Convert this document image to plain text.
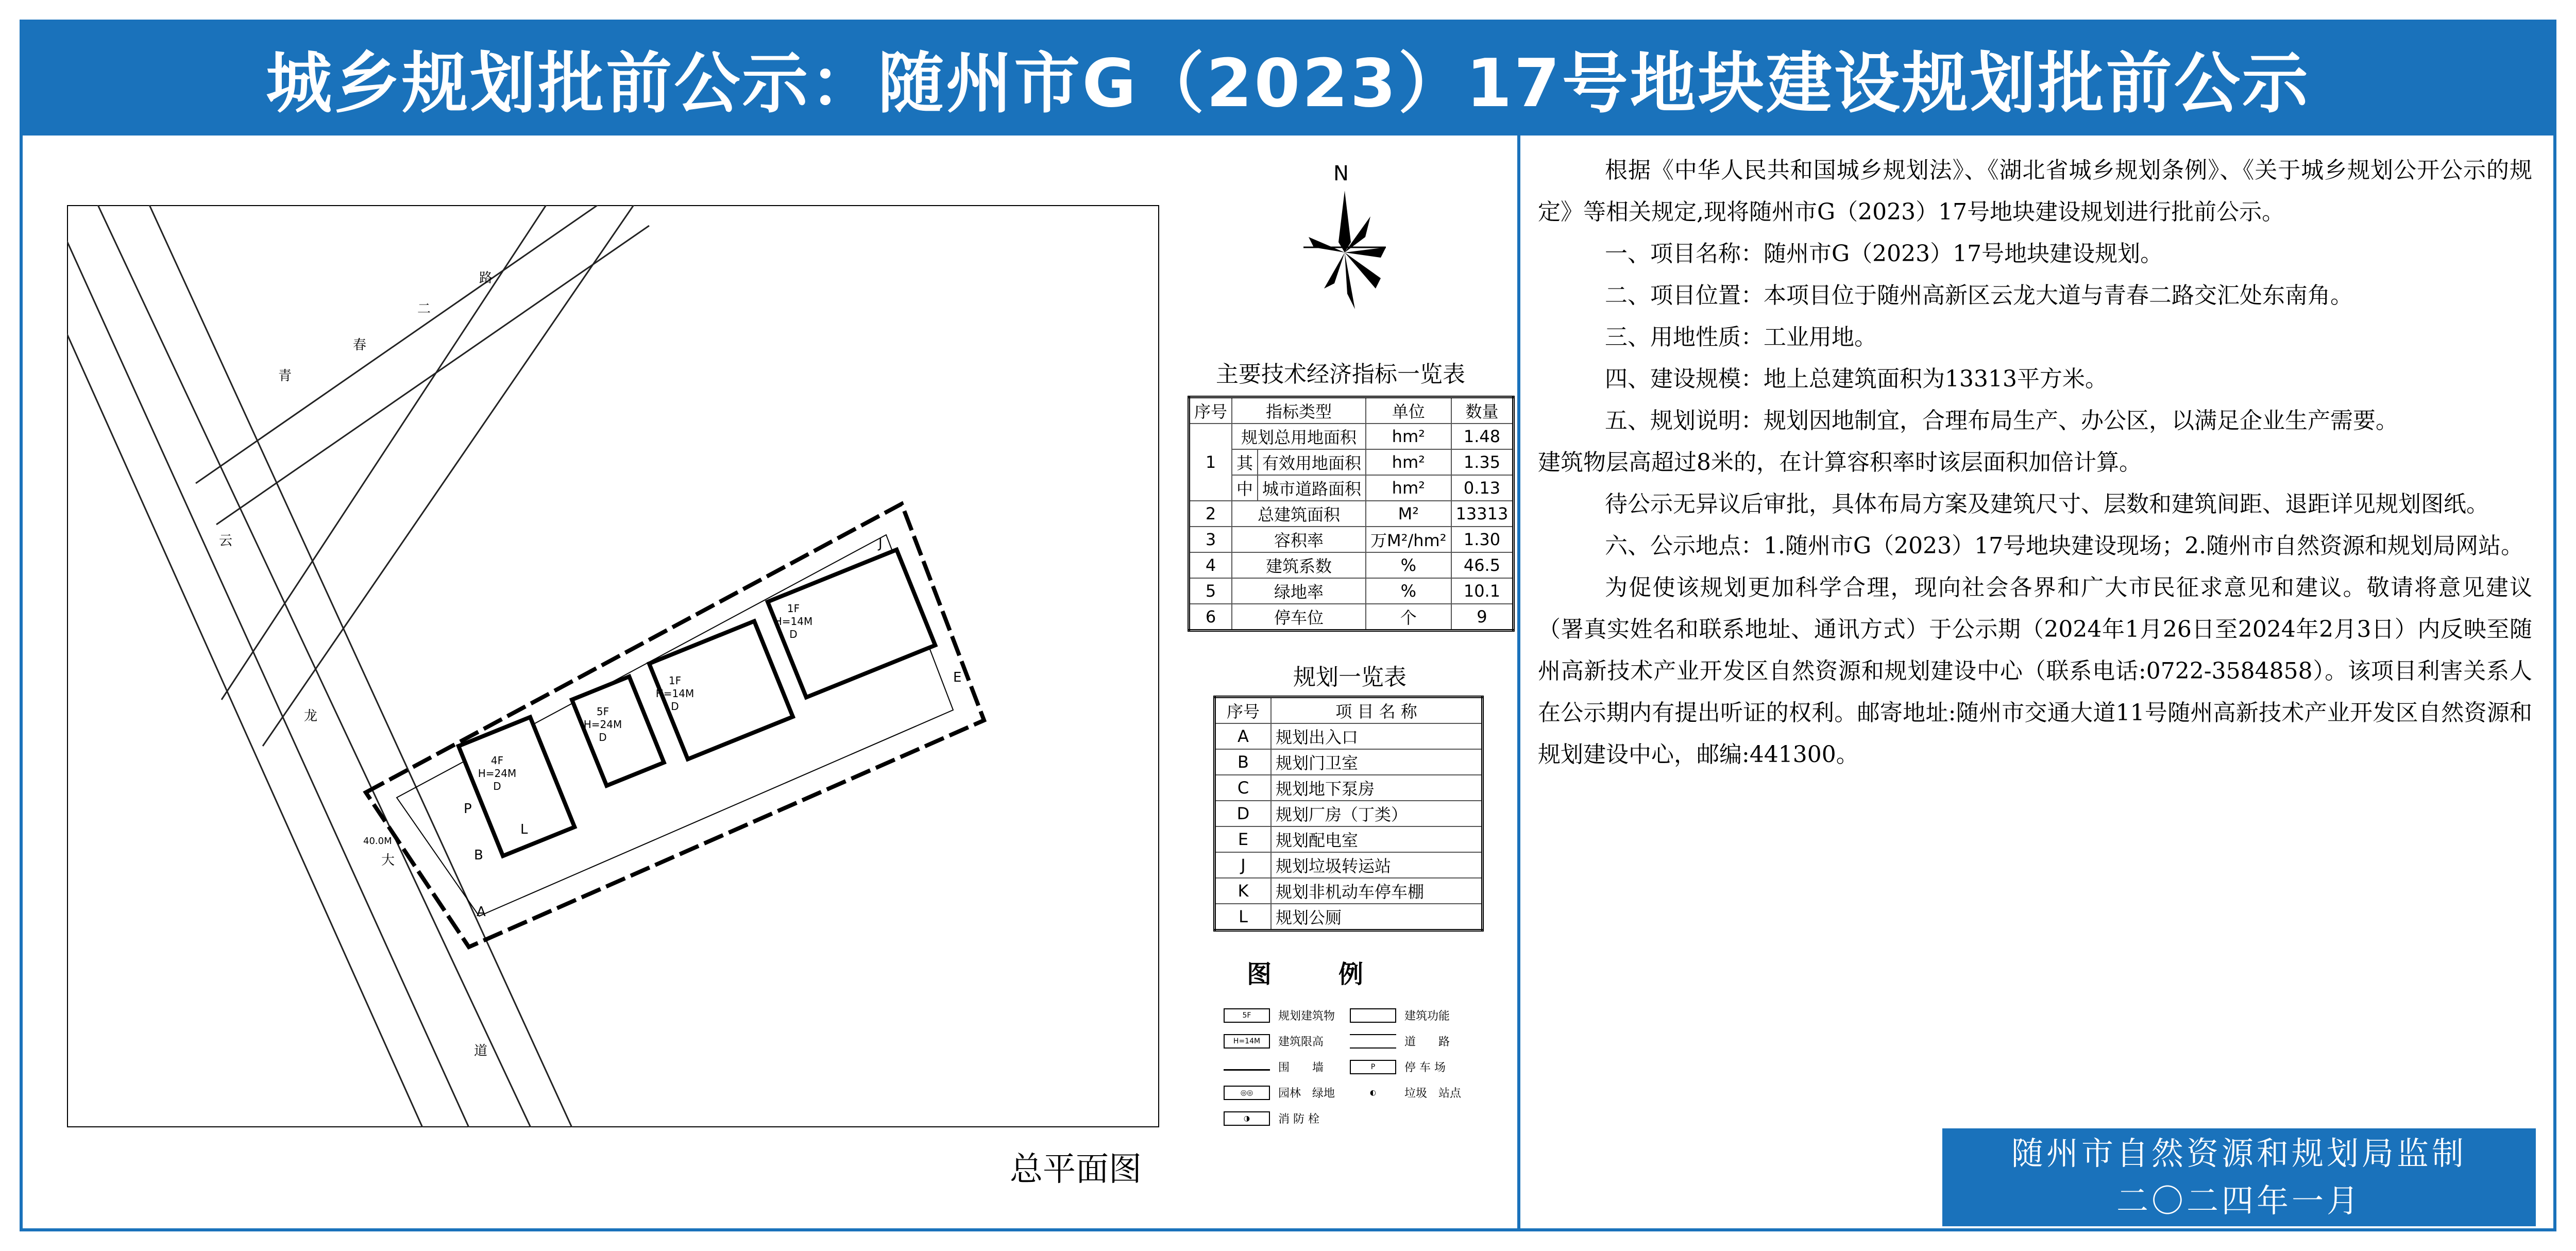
城乡规划批前公示：随州市G（2023）17号地块建设规划批前公示
4F
H=24M
D
5F
H=24M
D
1F
H=14M
D
1F
H=14M
D
A
B
E
J
L
P
40.0M
青
春
二
路
云
龙
大
道
N
总平面图
主要技术经济指标一览表
序号	指标类型		单位	数量
1	规划总用地面积		hm²	1.48
	其	有效用地面积	hm²	1.35
	中	城市道路面积	hm²	0.13
2	总建筑面积		M²	13313
3	容积率		万M²/hm²	1.30
4	建筑系数		%	46.5
5	绿地率		%	10.1
6	停车位		个	9
规划一览表
序号	项 目 名 称
A	规划出入口
B	规划门卫室
C	规划地下泵房
D	规划厂房（丁类）
E	规划配电室
J	规划垃圾转运站
K	规划非机动车停车棚
L	规划公厕
图例
5F	规划建筑物	建筑功能
H=14M	建筑限高	道　　路
围　　墙	P	停 车 场
◎◎	园林　绿地	◐	垃圾　站点
◑	消 防 栓

根据《中华人民共和国城乡规划法》、《湖北省城乡规划条例》、《关于城乡规划公开公示的规定》等相关规定,现将随州市G（2023）17号地块建设规划进行批前公示。

一、项目名称：随州市G（2023）17号地块建设规划。

二、项目位置：本项目位于随州高新区云龙大道与青春二路交汇处东南角。

三、用地性质：工业用地。

四、建设规模：地上总建筑面积为13313平方米。

五、规划说明：规划因地制宜，合理布局生产、办公区，以满足企业生产需要。

建筑物层高超过8米的，在计算容积率时该层面积加倍计算。

待公示无异议后审批，具体布局方案及建筑尺寸、层数和建筑间距、退距详见规划图纸。

六、公示地点：1.随州市G（2023）17号地块建设现场；2.随州市自然资源和规划局网站。

为促使该规划更加科学合理，现向社会各界和广大市民征求意见和建议。敬请将意见建议（署真实姓名和联系地址、通讯方式）于公示期（2024年1月26日至2024年2月3日）内反映至随州高新技术产业开发区自然资源和规划建设中心（联系电话:0722-3584858）。该项目利害关系人在公示期内有提出听证的权利。邮寄地址:随州市交通大道11号随州高新技术产业开发区自然资源和规划建设中心，邮编:441300。

随州市自然资源和规划局监制
二〇二四年一月
